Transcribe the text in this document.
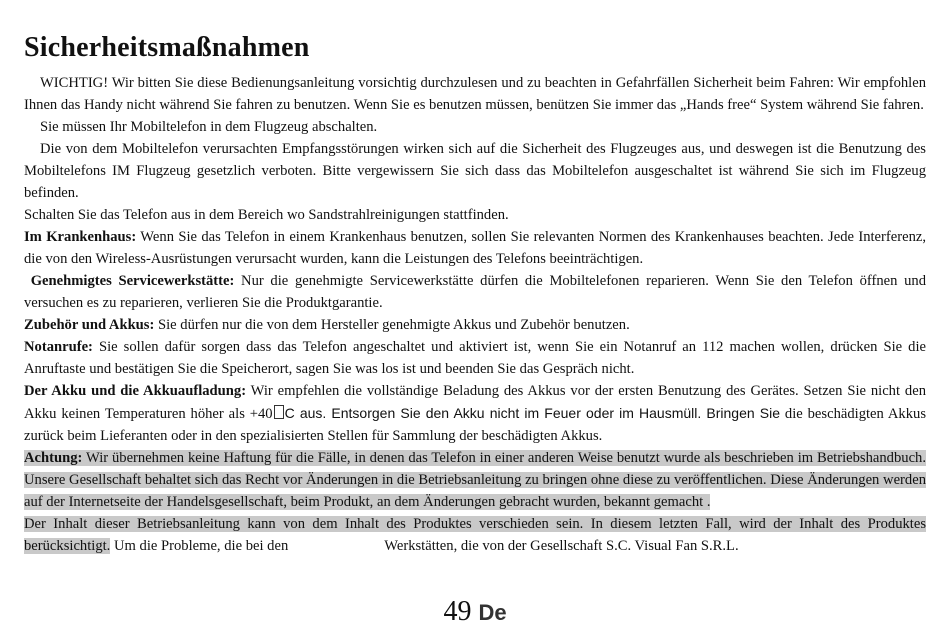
Sicherheitsmaßnahmen

WICHTIG! Wir bitten Sie diese Bedienungsanleitung vorsichtig durchzulesen und zu beachten in Gefahrfällen Sicherheit beim Fahren: Wir empfohlen Ihnen das Handy nicht während Sie fahren zu benutzen. Wenn Sie es benutzen müssen, benützen Sie immer das „Hands free“ System während Sie fahren.

Sie müssen Ihr Mobiltelefon in dem Flugzeug abschalten.

Die von dem Mobiltelefon verursachten Empfangsstörungen wirken sich auf die Sicherheit des Flugzeuges aus, und deswegen ist die Benutzung des Mobiltelefons IM Flugzeug gesetzlich verboten. Bitte vergewissern Sie sich dass das Mobiltelefon ausgeschaltet ist während Sie sich im Flugzeug befinden.

Schalten Sie das Telefon aus in dem Bereich wo Sandstrahlreinigungen stattfinden.

Im Krankenhaus: Wenn Sie das Telefon in einem Krankenhaus benutzen, sollen Sie relevanten Normen des Krankenhauses beachten. Jede Interferenz, die von den Wireless-Ausrüstungen verursacht wurden, kann die Leistungen des Telefons beeinträchtigen.

Genehmigtes Servicewerkstätte: Nur die genehmigte Servicewerkstätte dürfen die Mobiltelefonen reparieren. Wenn Sie den Telefon öffnen und versuchen es zu reparieren, verlieren Sie die Produktgarantie.

Zubehör und Akkus: Sie dürfen nur die von dem Hersteller genehmigte Akkus und Zubehör benutzen.

Notanrufe: Sie sollen dafür sorgen dass das Telefon angeschaltet und aktiviert ist, wenn Sie ein Notanruf an 112 machen wollen, drücken Sie die Anruftaste und bestätigen Sie die Speicherort, sagen Sie was los ist und beenden Sie das Gespräch nicht.

Der Akku und die Akkuaufladung: Wir empfehlen die vollständige Beladung des Akkus vor der ersten Benutzung des Gerätes. Setzen Sie nicht den Akku keinen Temperaturen höher als +40 C aus. Entsorgen Sie den Akku nicht im Feuer oder im Hausmüll. Bringen Sie die beschädigten Akkus zurück beim Lieferanten oder in den spezialisierten Stellen für Sammlung der beschädigten Akkus.

Achtung: Wir übernehmen keine Haftung für die Fälle, in denen das Telefon in einer anderen Weise benutzt wurde als beschrieben im Betriebshandbuch. Unsere Gesellschaft behaltet sich das Recht vor Änderungen in die Betriebsanleitung zu bringen ohne diese zu veröffentlichen. Diese Änderungen werden auf der Internetseite der Handelsgesellschaft, beim Produkt, an dem Änderungen gebracht wurden, bekannt gemacht .

Der Inhalt dieser Betriebsanleitung kann von dem Inhalt des Produktes verschieden sein. In diesem letzten Fall, wird der Inhalt des Produktes berücksichtigt. Um die Probleme, die bei den	Werkstätten, die von der Gesellschaft S.C. Visual Fan S.R.L.

49 De
